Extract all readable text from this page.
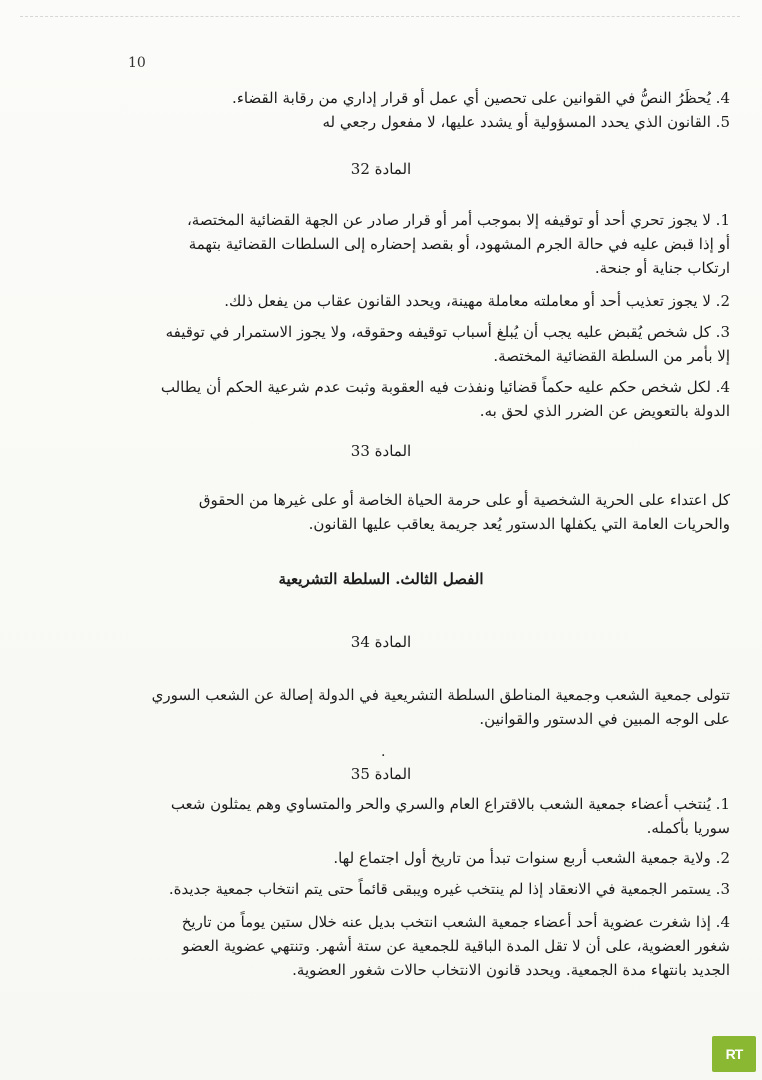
10
4. يُحظَرُ النصُّ في القوانين على تحصين أي عمل أو قرار إداري من رقابة القضاء.
5. القانون الذي يحدد المسؤولية أو يشدد عليها، لا مفعول رجعي له
المادة 32
1. لا يجوز تحري أحد أو توقيفه إلا بموجب أمر أو قرار صادر عن الجهة القضائية المختصة،
أو إذا قبض عليه في حالة الجرم المشهود، أو بقصد إحضاره إلى السلطات القضائية بتهمة
ارتكاب جناية أو جنحة.
2. لا يجوز تعذيب أحد أو معاملته معاملة مهينة، ويحدد القانون عقاب من يفعل ذلك.
3. كل شخص يُقبض عليه يجب أن يُبلغ أسباب توقيفه وحقوقه، ولا يجوز الاستمرار في توقيفه
إلا بأمر من السلطة القضائية المختصة.
4. لكل شخص حكم عليه حكماً قضائيا ونفذت فيه العقوبة وثبت عدم شرعية الحكم أن يطالب
الدولة بالتعويض عن الضرر الذي لحق به.
المادة 33
كل اعتداء على الحرية الشخصية أو على حرمة الحياة الخاصة أو على غيرها من الحقوق
والحريات العامة التي يكفلها الدستور يُعد جريمة يعاقب عليها القانون.
الفصل الثالث. السلطة التشريعية
المادة 34
تتولى جمعية الشعب وجمعية المناطق السلطة التشريعية في الدولة إصالة عن الشعب السوري
على الوجه المبين في الدستور والقوانين.
.
المادة 35
1. يُنتخب أعضاء جمعية الشعب بالاقتراع العام والسري والحر والمتساوي وهم يمثلون شعب
سوريا بأكمله.
2. ولاية جمعية الشعب أربع سنوات تبدأ من تاريخ أول اجتماع لها.
3. يستمر الجمعية في الانعقاد إذا لم ينتخب غيره ويبقى قائماً حتى يتم انتخاب جمعية جديدة.
4. إذا شغرت عضوية أحد أعضاء جمعية الشعب انتخب بديل عنه خلال ستين يوماً من تاريخ
شغور العضوية، على أن لا تقل المدة الباقية للجمعية عن ستة أشهر. وتنتهي عضوية العضو
الجديد بانتهاء مدة الجمعية. ويحدد قانون الانتخاب حالات شغور العضوية.
RT
